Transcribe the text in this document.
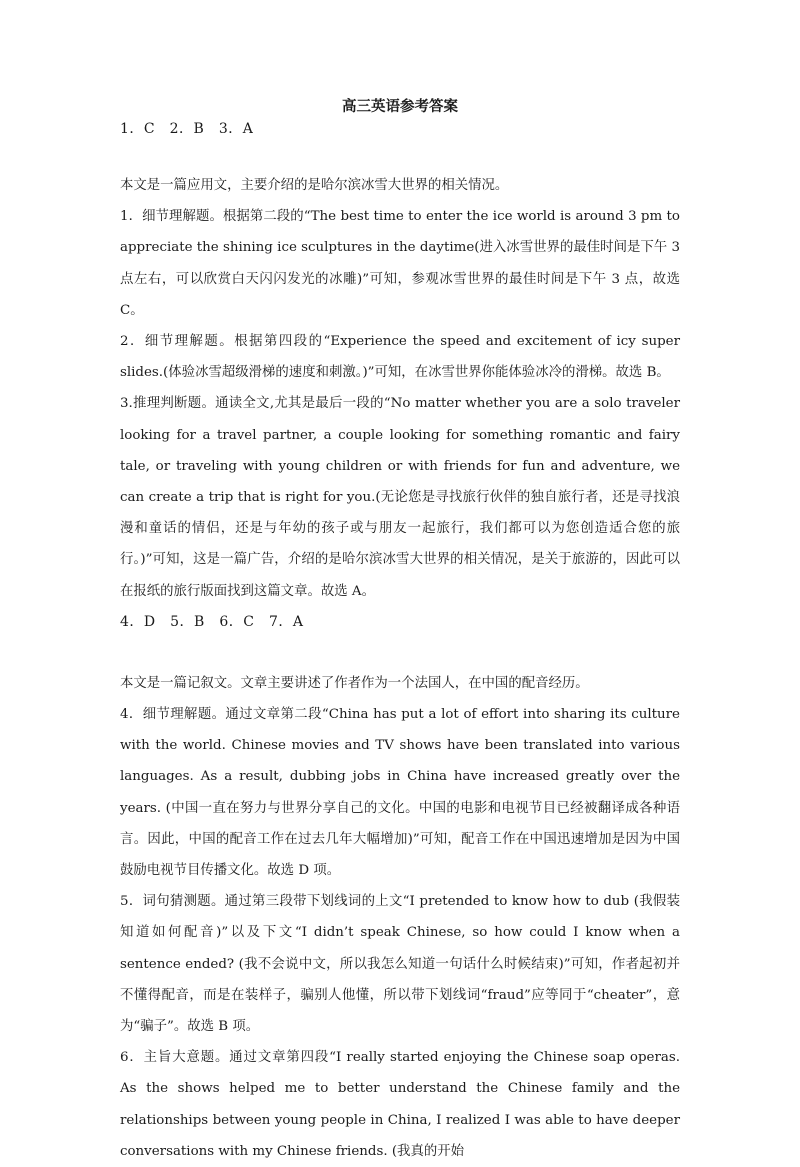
高三英语参考答案

1．C　2．B　3．A

本文是一篇应用文，主要介绍的是哈尔滨冰雪大世界的相关情况。

1．细节理解题。根据第二段的“The best time to enter the ice world is around 3 pm to appreciate the shining ice sculptures in the daytime(进入冰雪世界的最佳时间是下午 3 点左右，可以欣赏白天闪闪发光的冰雕)”可知，参观冰雪世界的最佳时间是下午 3 点，故选 C。

2．细节理解题。根据第四段的“Experience the speed and excitement of icy super slides.(体验冰雪超级滑梯的速度和刺激。)”可知，在冰雪世界你能体验冰冷的滑梯。故选 B。

3.推理判断题。通读全文,尤其是最后一段的“No matter whether you are a solo traveler looking for a travel partner, a couple looking for something romantic and fairy tale, or traveling with young children or with friends for fun and adventure, we can create a trip that is right for you.(无论您是寻找旅行伙伴的独自旅行者，还是寻找浪漫和童话的情侣，还是与年幼的孩子或与朋友一起旅行，我们都可以为您创造适合您的旅行。)”可知，这是一篇广告，介绍的是哈尔滨冰雪大世界的相关情况，是关于旅游的，因此可以在报纸的旅行版面找到这篇文章。故选 A。

4．D　5．B　6．C　7．A

本文是一篇记叙文。文章主要讲述了作者作为一个法国人，在中国的配音经历。

4．细节理解题。通过文章第二段“China has put a lot of effort into sharing its culture with the world. Chinese movies and TV shows have been translated into various languages. As a result, dubbing jobs in China have increased greatly over the years. (中国一直在努力与世界分享自己的文化。中国的电影和电视节目已经被翻译成各种语言。因此，中国的配音工作在过去几年大幅增加)”可知，配音工作在中国迅速增加是因为中国鼓励电视节目传播文化。故选 D 项。

5．词句猜测题。通过第三段带下划线词的上文“I pretended to know how to dub (我假装知道如何配音)”以及下文“I didn’t speak Chinese, so how could I know when a sentence ended? (我不会说中文，所以我怎么知道一句话什么时候结束)”可知，作者起初并不懂得配音，而是在装样子，骗别人他懂，所以带下划线词“fraud”应等同于“cheater”，意为“骗子”。故选 B 项。

6．主旨大意题。通过文章第四段“I really started enjoying the Chinese soap operas. As the shows helped me to better understand the Chinese family and the relationships between young people in China, I realized I was able to have deeper conversations with my Chinese friends. (我真的开始
